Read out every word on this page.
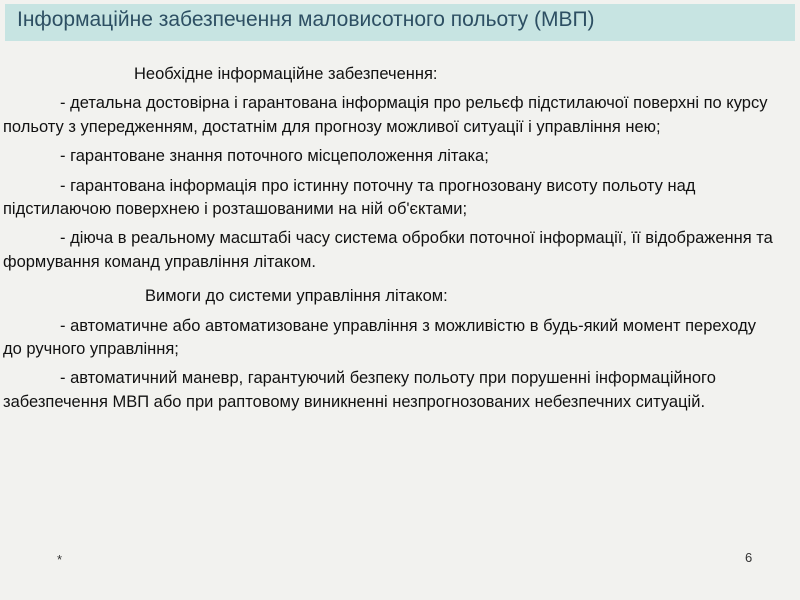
Інформаційне забезпечення маловисотного польоту (МВП)

Необхідне інформаційне забезпечення:

- детальна достовірна і гарантована інформація про рельєф підстилаючої поверхні по курсу польоту з упередженням, достатнім для прогнозу можливої ситуації і управління нею;

- гарантоване знання поточного місцеположення літака;

- гарантована інформація про істинну поточну та прогнозовану висоту польоту над підстилаючою поверхнею і розташованими на ній об'єктами;

- діюча в реальному масштабі часу система обробки поточної інформації, її відображення та формування команд управління літаком.

Вимоги до системи управління літаком:

- автоматичне або автоматизоване управління з можливістю в будь-який момент переходу до ручного управління;

- автоматичний маневр, гарантуючий безпеку польоту при порушенні інформаційного забезпечення МВП або при раптовому виникненні незпрогнозованих небезпечних ситуацій.

*	6
